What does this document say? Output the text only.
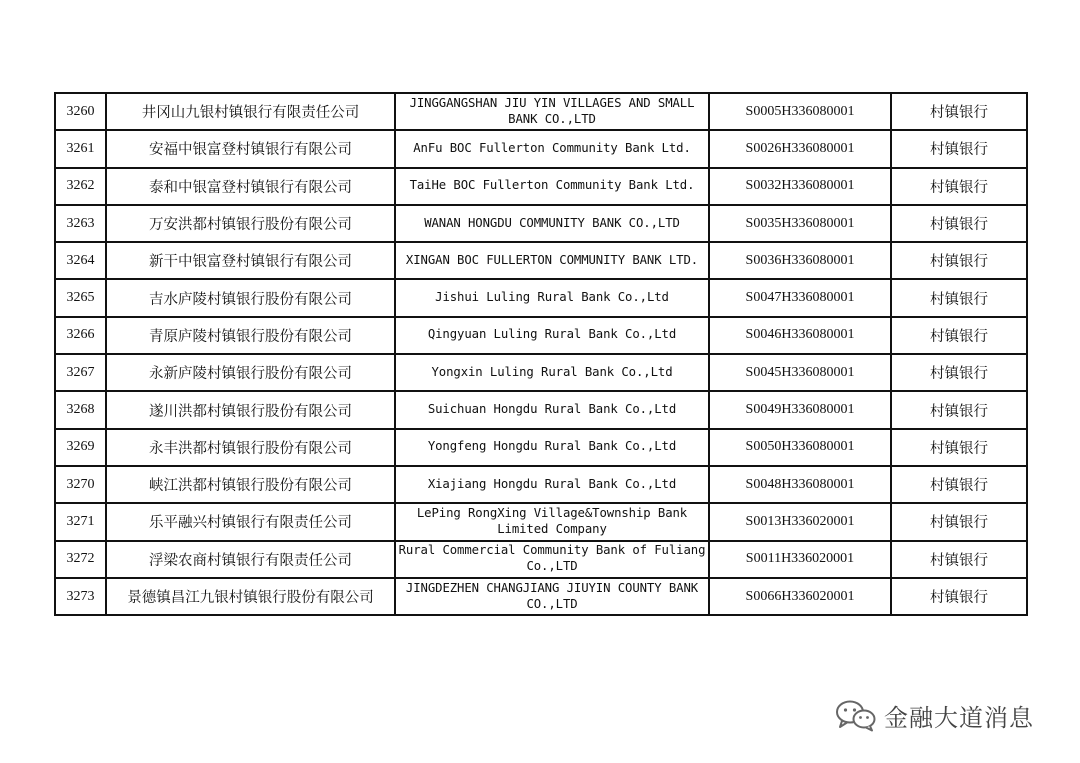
3260	井冈山九银村镇银行有限责任公司	JINGGANGSHAN JIU YIN VILLAGES AND SMALL BANK CO.,LTD	S0005H336080001	村镇银行
3261	安福中银富登村镇银行有限公司	AnFu BOC Fullerton Community Bank Ltd.	S0026H336080001	村镇银行
3262	泰和中银富登村镇银行有限公司	TaiHe BOC Fullerton Community Bank Ltd.	S0032H336080001	村镇银行
3263	万安洪都村镇银行股份有限公司	WANAN HONGDU COMMUNITY BANK CO.,LTD	S0035H336080001	村镇银行
3264	新干中银富登村镇银行有限公司	XINGAN BOC FULLERTON COMMUNITY BANK LTD.	S0036H336080001	村镇银行
3265	吉水庐陵村镇银行股份有限公司	Jishui Luling Rural Bank Co.,Ltd	S0047H336080001	村镇银行
3266	青原庐陵村镇银行股份有限公司	Qingyuan Luling Rural Bank Co.,Ltd	S0046H336080001	村镇银行
3267	永新庐陵村镇银行股份有限公司	Yongxin Luling Rural Bank Co.,Ltd	S0045H336080001	村镇银行
3268	遂川洪都村镇银行股份有限公司	Suichuan Hongdu Rural Bank Co.,Ltd	S0049H336080001	村镇银行
3269	永丰洪都村镇银行股份有限公司	Yongfeng Hongdu Rural Bank Co.,Ltd	S0050H336080001	村镇银行
3270	峡江洪都村镇银行股份有限公司	Xiajiang Hongdu Rural Bank Co.,Ltd	S0048H336080001	村镇银行
3271	乐平融兴村镇银行有限责任公司	LePing RongXing Village&Township Bank Limited Company	S0013H336020001	村镇银行
3272	浮梁农商村镇银行有限责任公司	Rural Commercial Community Bank of Fuliang Co.,LTD	S0011H336020001	村镇银行
3273	景德镇昌江九银村镇银行股份有限公司	JINGDEZHEN CHANGJIANG JIUYIN COUNTY BANK CO.,LTD	S0066H336020001	村镇银行
金融大道消息
